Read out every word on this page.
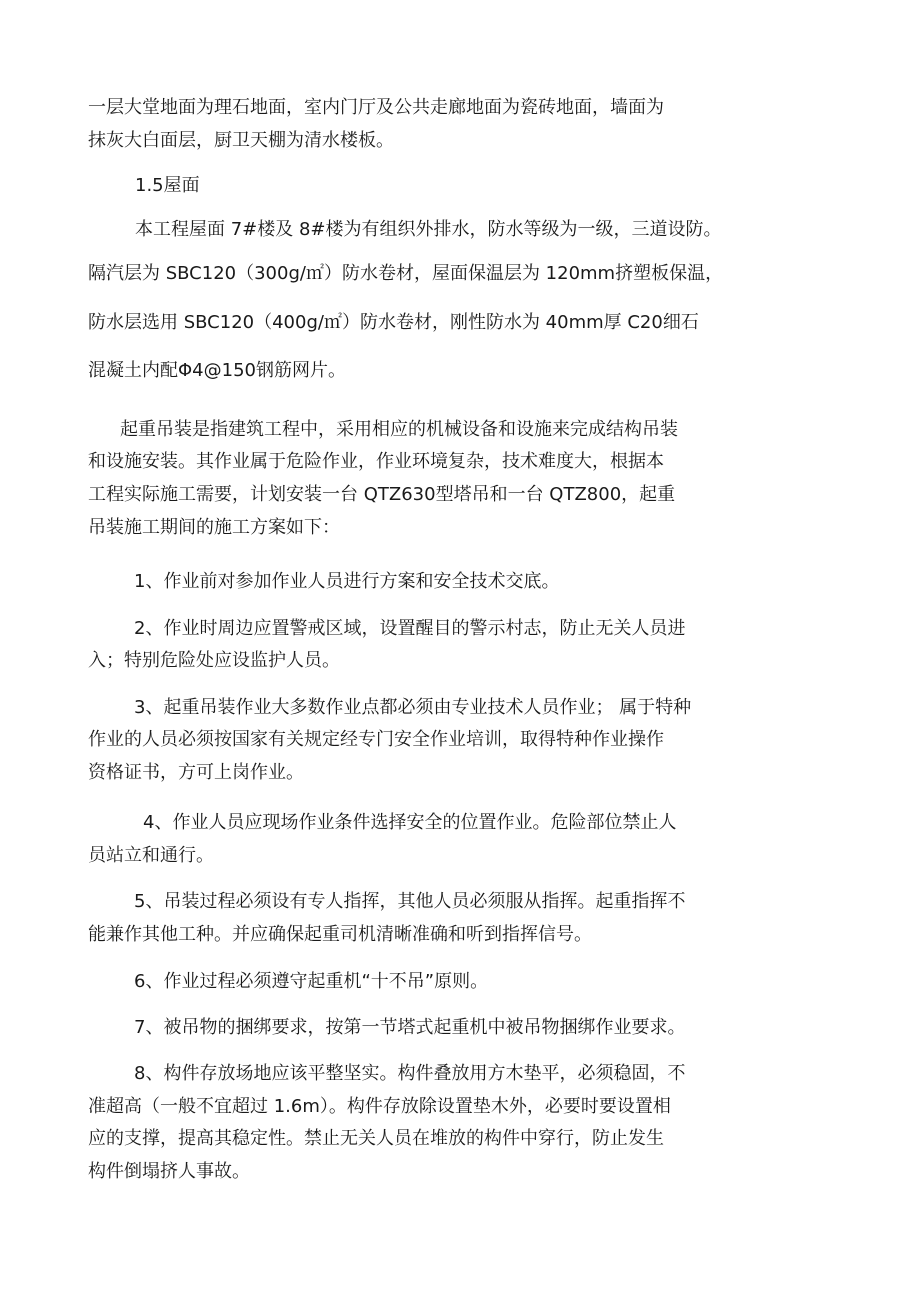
一层大堂地面为理石地面，室内门厅及公共走廊地面为瓷砖地面，墙面为
抹灰大白面层，厨卫天棚为清水楼板。
1.5屋面
本工程屋面 7#楼及 8#楼为有组织外排水，防水等级为一级，三道设防。
隔汽层为 SBC120（300g/㎡）防水卷材，屋面保温层为 120mm挤塑板保温，
防水层选用 SBC120（400g/㎡）防水卷材，刚性防水为 40mm厚 C20细石
混凝土内配Φ4@150钢筋网片。
起重吊装是指建筑工程中，采用相应的机械设备和设施来完成结构吊装
和设施安装。其作业属于危险作业，作业环境复杂，技术难度大，根据本
工程实际施工需要，计划安装一台 QTZ630型塔吊和一台 QTZ800，起重
吊装施工期间的施工方案如下：
1、作业前对参加作业人员进行方案和安全技术交底。
2、作业时周边应置警戒区域，设置醒目的警示村志，防止无关人员进
入；特别危险处应设监护人员。
3、起重吊装作业大多数作业点都必须由专业技术人员作业； 属于特种
作业的人员必须按国家有关规定经专门安全作业培训，取得特种作业操作
资格证书，方可上岗作业。
4、作业人员应现场作业条件选择安全的位置作业。危险部位禁止人
员站立和通行。
5、吊装过程必须设有专人指挥，其他人员必须服从指挥。起重指挥不
能兼作其他工种。并应确保起重司机清晰准确和听到指挥信号。
6、作业过程必须遵守起重机“十不吊”原则。
7、被吊物的捆绑要求，按第一节塔式起重机中被吊物捆绑作业要求。
8、构件存放场地应该平整坚实。构件叠放用方木垫平，必须稳固，不
准超高（一般不宜超过 1.6m）。构件存放除设置垫木外，必要时要设置相
应的支撑，提高其稳定性。禁止无关人员在堆放的构件中穿行，防止发生
构件倒塌挤人事故。
